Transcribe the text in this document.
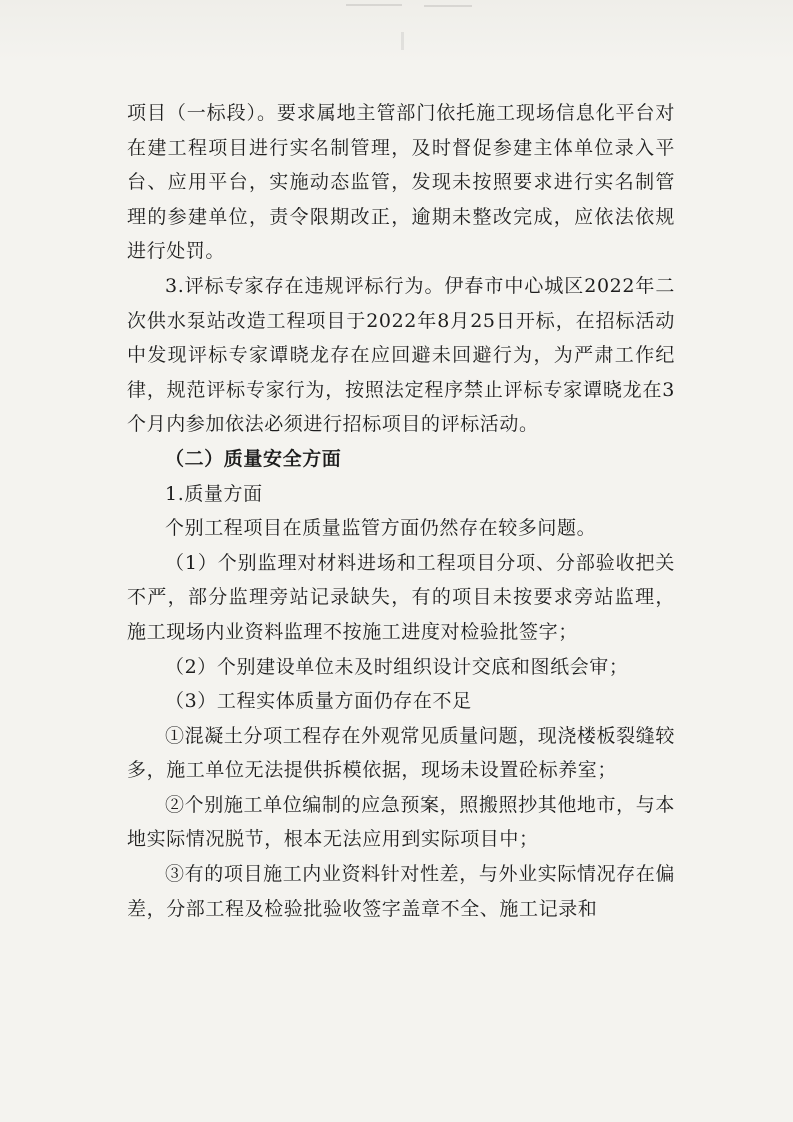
项目（一标段）。要求属地主管部门依托施工现场信息化平台对在建工程项目进行实名制管理，及时督促参建主体单位录入平台、应用平台，实施动态监管，发现未按照要求进行实名制管理的参建单位，责令限期改正，逾期未整改完成，应依法依规进行处罚。

3.评标专家存在违规评标行为。伊春市中心城区2022年二次供水泵站改造工程项目于2022年8月25日开标，在招标活动中发现评标专家谭晓龙存在应回避未回避行为，为严肃工作纪律，规范评标专家行为，按照法定程序禁止评标专家谭晓龙在3个月内参加依法必须进行招标项目的评标活动。

（二）质量安全方面

1.质量方面

个别工程项目在质量监管方面仍然存在较多问题。

（1）个别监理对材料进场和工程项目分项、分部验收把关不严，部分监理旁站记录缺失，有的项目未按要求旁站监理，施工现场内业资料监理不按施工进度对检验批签字；

（2）个别建设单位未及时组织设计交底和图纸会审；

（3）工程实体质量方面仍存在不足

①混凝土分项工程存在外观常见质量问题，现浇楼板裂缝较多，施工单位无法提供拆模依据，现场未设置砼标养室；

②个别施工单位编制的应急预案，照搬照抄其他地市，与本地实际情况脱节，根本无法应用到实际项目中；

③有的项目施工内业资料针对性差，与外业实际情况存在偏差，分部工程及检验批验收签字盖章不全、施工记录和
